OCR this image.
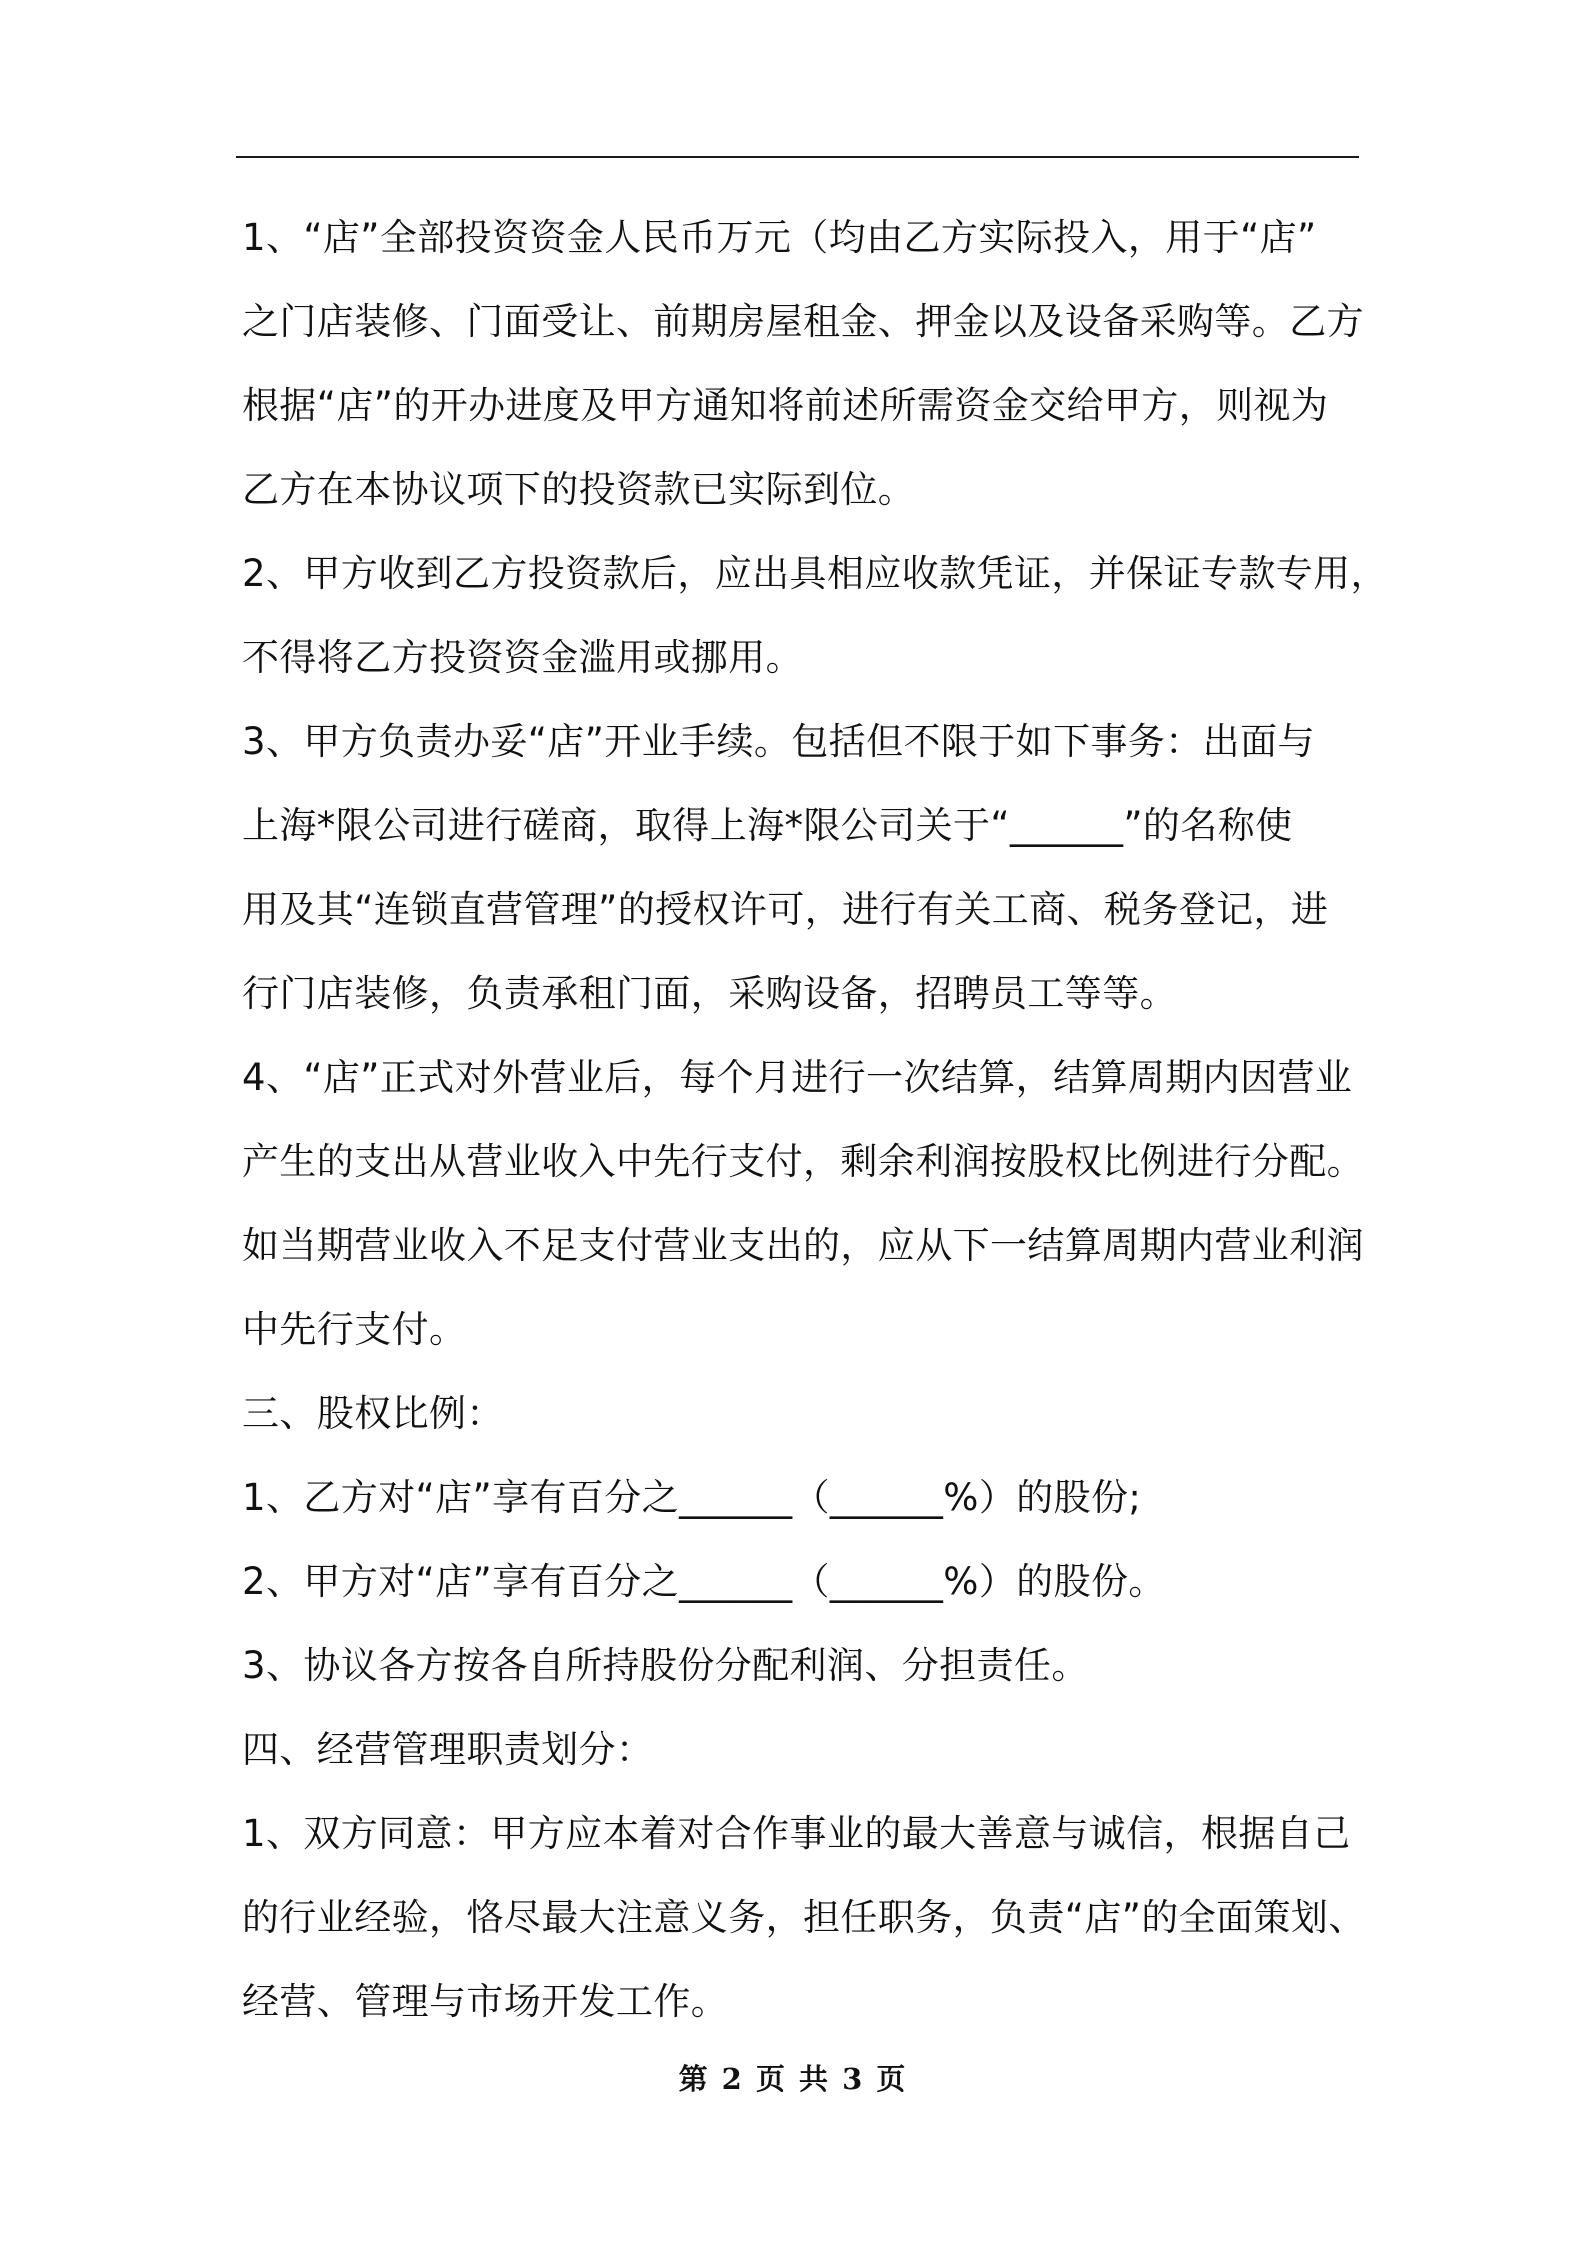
1、“店”全部投资资金人民币万元（均由乙方实际投入，用于“店”
之门店装修、门面受让、前期房屋租金、押金以及设备采购等。乙方
根据“店”的开办进度及甲方通知将前述所需资金交给甲方，则视为
乙方在本协议项下的投资款已实际到位。
2、甲方收到乙方投资款后，应出具相应收款凭证，并保证专款专用，
不得将乙方投资资金滥用或挪用。
3、甲方负责办妥“店”开业手续。包括但不限于如下事务：出面与
上海*限公司进行磋商，取得上海*限公司关于“______”的名称使
用及其“连锁直营管理”的授权许可，进行有关工商、税务登记，进
行门店装修，负责承租门面，采购设备，招聘员工等等。
4、“店”正式对外营业后，每个月进行一次结算，结算周期内因营业
产生的支出从营业收入中先行支付，剩余利润按股权比例进行分配。
如当期营业收入不足支付营业支出的，应从下一结算周期内营业利润
中先行支付。
三、股权比例：
1、乙方对“店”享有百分之______（______%）的股份;
2、甲方对“店”享有百分之______（______%）的股份。
3、协议各方按各自所持股份分配利润、分担责任。
四、经营管理职责划分：
1、双方同意：甲方应本着对合作事业的最大善意与诚信，根据自己
的行业经验，恪尽最大注意义务，担任职务，负责“店”的全面策划、
经营、管理与市场开发工作。
第 2 页 共 3 页
